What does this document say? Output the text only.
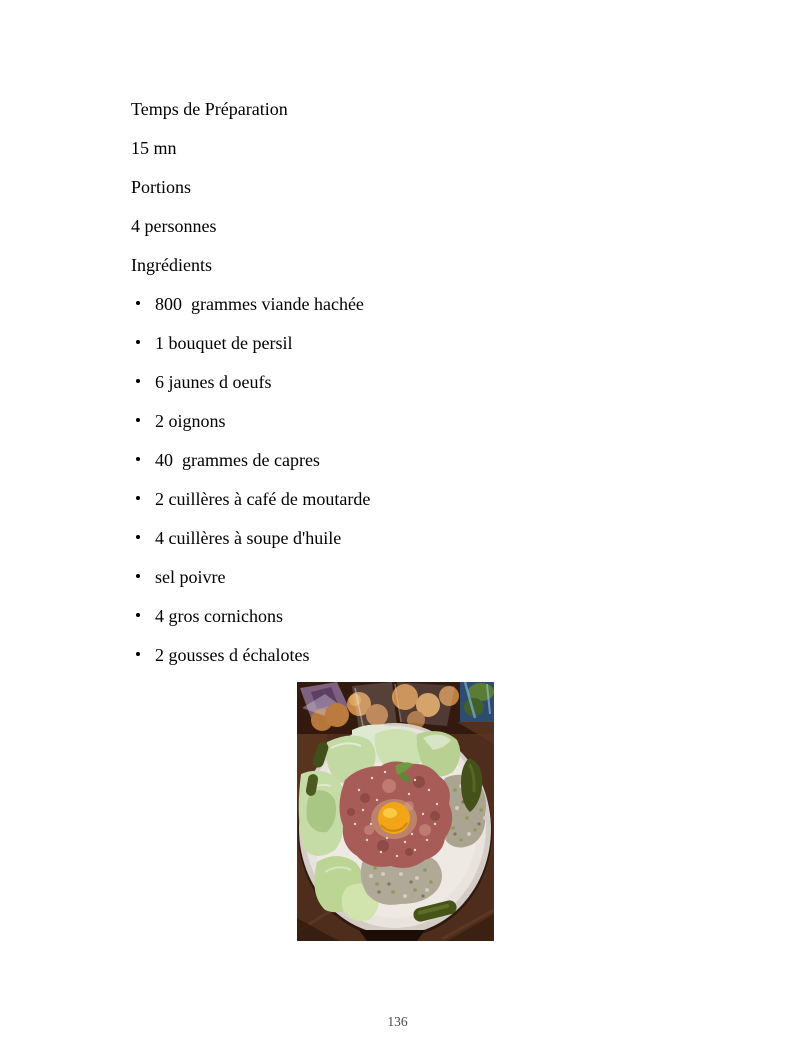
Temps de Préparation

15 mn

Portions

4 personnes

Ingrédients

800  grammes viande hachée
1 bouquet de persil
6 jaunes d oeufs
2 oignons
40  grammes de capres
2 cuillères à café de moutarde
4 cuillères à soupe d'huile
sel poivre
4 gros cornichons
2 gousses d échalotes
136
